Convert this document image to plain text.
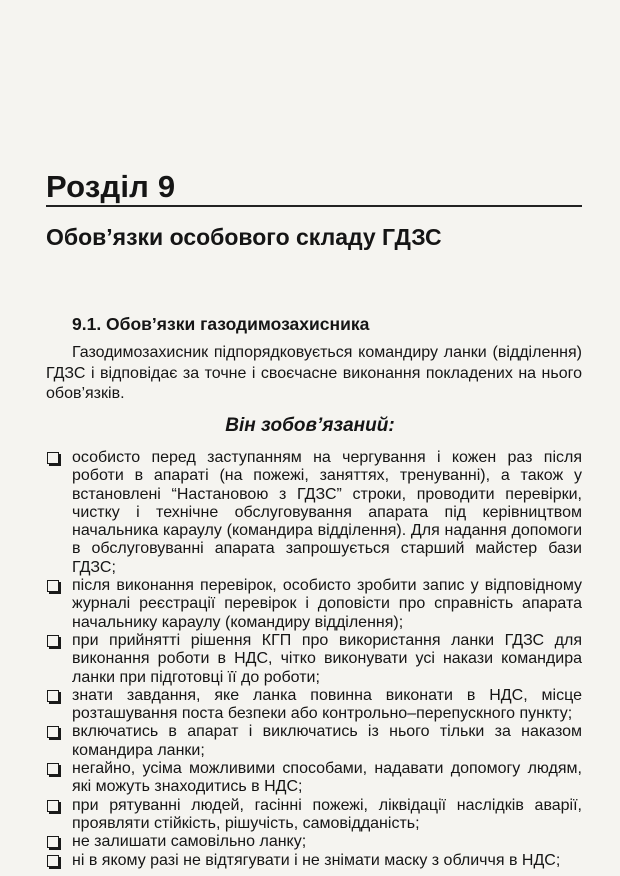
Розділ 9
Обов’язки особового складу ГДЗС
9.1. Обов’язки газодимозахисника

Газодимозахисник підпорядковується командиру ланки (відділення) ГДЗС і відповідає за точне і своєчасне виконання покладених на нього обов’язків.

Він зобов’язаний:

особисто перед заступанням на чергування і кожен раз після роботи в апараті (на пожежі, заняттях, тренуванні), а також у встановлені “Настановою з ГДЗС” строки, проводити перевірки, чистку і технічне обслуговування апарата під керівництвом начальника караулу (командира відділення). Для надання допомоги в обслуговуванні апарата запрошується старший майстер бази ГДЗС;
після виконання перевірок, особисто зробити запис у відповідному журналі реєстрації перевірок і доповісти про справність апарата начальнику караулу (командиру відділення);
при прийнятті рішення КГП про використання ланки ГДЗС для виконання роботи в НДС, чітко виконувати усі накази командира ланки при підготовці її до роботи;
знати завдання, яке ланка повинна виконати в НДС, місце розташування поста безпеки або контрольно–перепускного пункту;
включатись в апарат і виключатись із нього тільки за наказом командира ланки;
негайно, усіма можливими способами, надавати допомогу людям, які можуть знаходитись в НДС;
при рятуванні людей, гасінні пожежі, ліквідації наслідків аварії, проявляти стійкість, рішучість, самовідданість;
не залишати самовільно ланку;
ні в якому разі не відтягувати і не знімати маску з обличчя в НДС;
